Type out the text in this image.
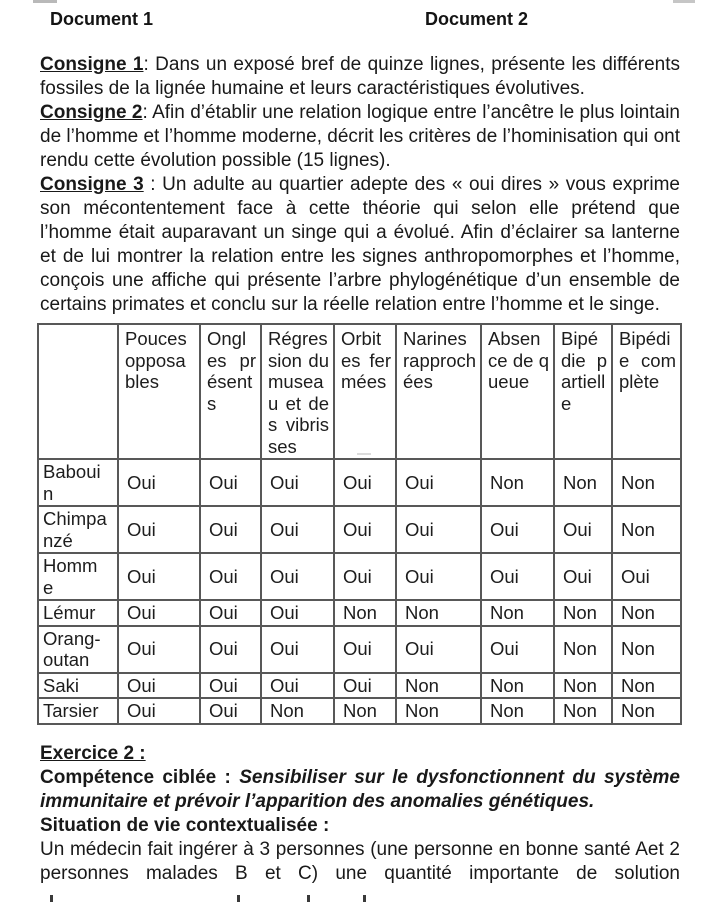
Document 1	Document 2

Consigne 1: Dans un exposé bref de quinze lignes, présente les différents fossiles de la lignée humaine et leurs caractéristiques évolutives.

Consigne 2: Afin d’établir une relation logique entre l’ancêtre le plus lointain de l’homme et l’homme moderne, décrit les critères de l’hominisation qui ont rendu cette évolution possible (15 lignes).

Consigne 3 : Un adulte au quartier adepte des « oui dires » vous exprime son mécontentement face à cette théorie qui selon elle prétend que l’homme était auparavant un singe qui a évolué. Afin d’éclairer sa lanterne et de lui montrer la relation entre les signes anthropomorphes et l’homme, conçois une affiche qui présente l’arbre phylogénétique d’un ensemble de certains primates et conclu sur la réelle relation entre l’homme et le singe.

	Pouces opposables	Ongles présents	Régression du museau et des vibrisses	Orbites fermées	Narines rapprochées	Absence de queue	Bipédie partielle	Bipédie complète
Babouin	Oui	Oui	Oui	Oui	Oui	Non	Non	Non
Chimpanzé	Oui	Oui	Oui	Oui	Oui	Oui	Oui	Non
Homme	Oui	Oui	Oui	Oui	Oui	Oui	Oui	Oui
Lémur	Oui	Oui	Oui	Non	Non	Non	Non	Non
Orang-outan	Oui	Oui	Oui	Oui	Oui	Oui	Non	Non
Saki	Oui	Oui	Oui	Oui	Non	Non	Non	Non
Tarsier	Oui	Oui	Non	Non	Non	Non	Non	Non

Exercice 2 :

Compétence ciblée : Sensibiliser sur le dysfonctionnent du système immunitaire et prévoir l’apparition des anomalies génétiques.

Situation de vie contextualisée :

Un médecin fait ingérer à 3 personnes (une personne en bonne santé Aet 2 personnes malades B et C) une quantité importante de solution
